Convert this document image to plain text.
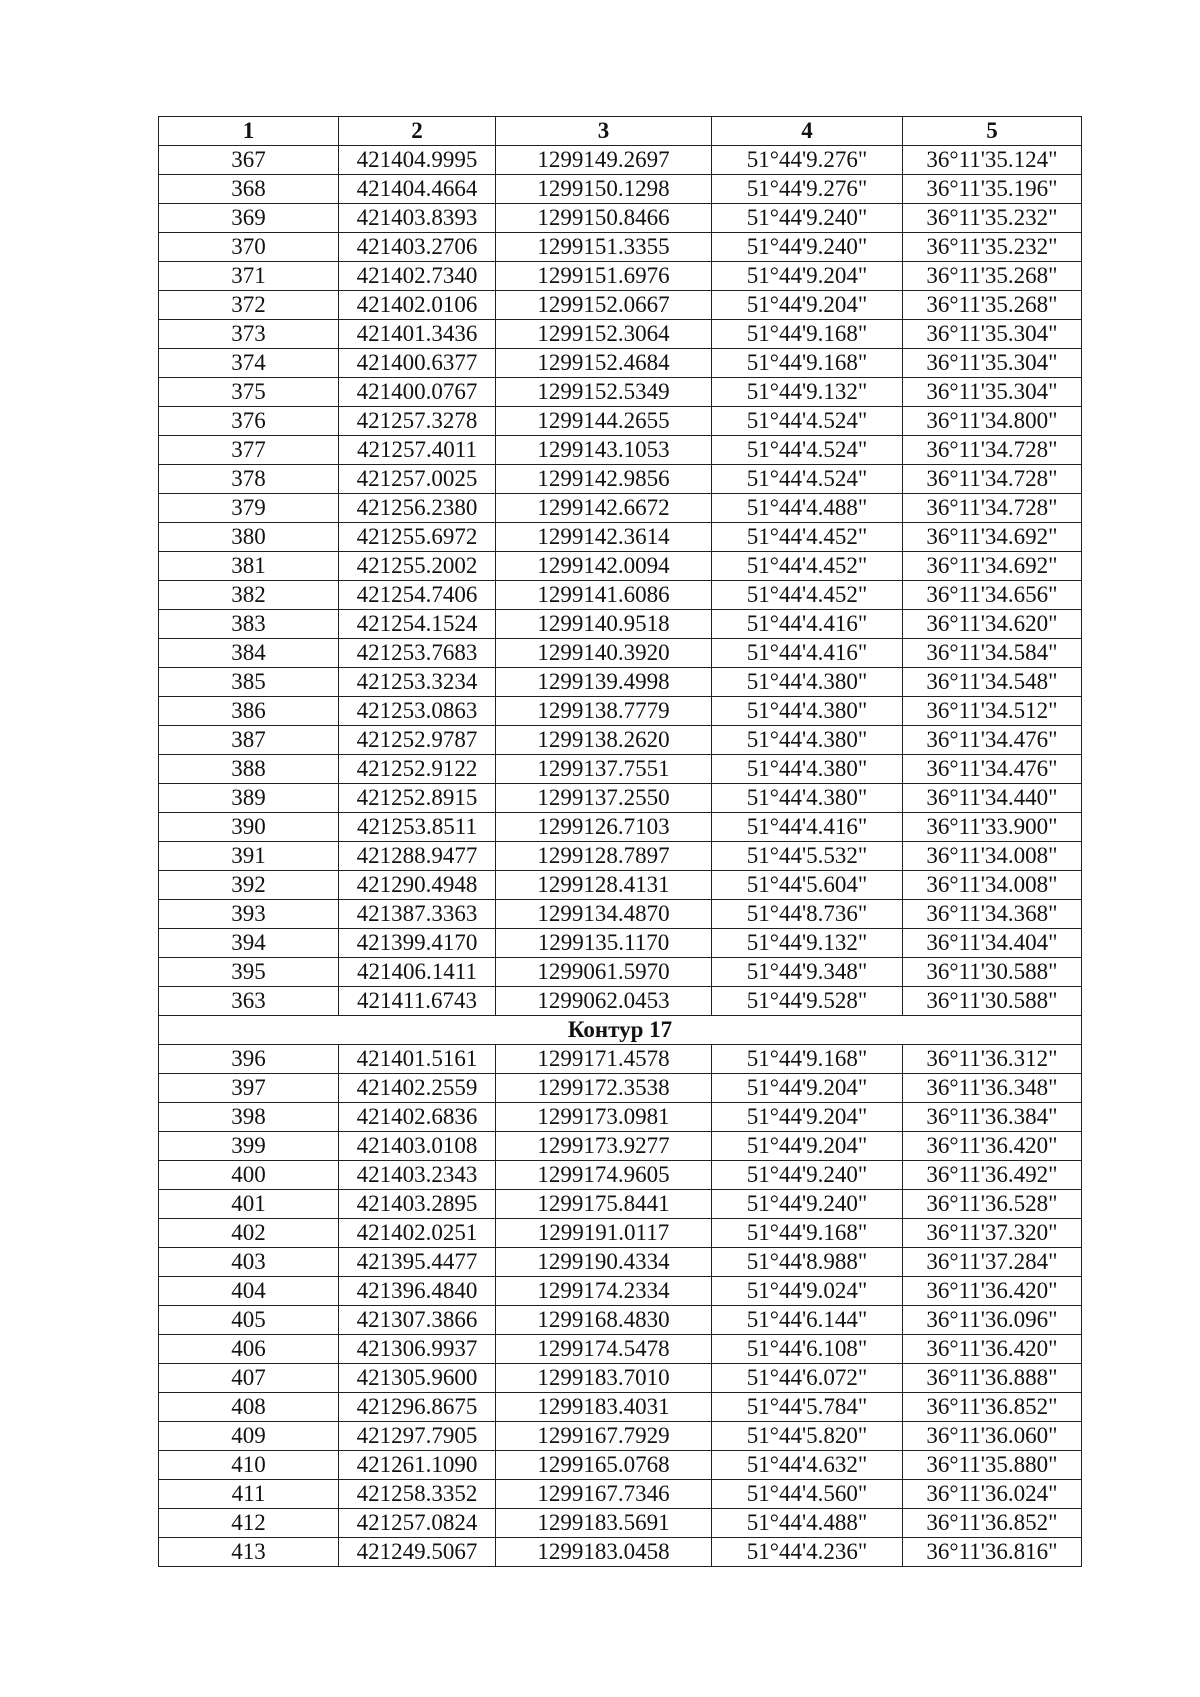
1	2	3	4	5
367	421404.9995	1299149.2697	51°44'9.276"	36°11'35.124"
368	421404.4664	1299150.1298	51°44'9.276"	36°11'35.196"
369	421403.8393	1299150.8466	51°44'9.240"	36°11'35.232"
370	421403.2706	1299151.3355	51°44'9.240"	36°11'35.232"
371	421402.7340	1299151.6976	51°44'9.204"	36°11'35.268"
372	421402.0106	1299152.0667	51°44'9.204"	36°11'35.268"
373	421401.3436	1299152.3064	51°44'9.168"	36°11'35.304"
374	421400.6377	1299152.4684	51°44'9.168"	36°11'35.304"
375	421400.0767	1299152.5349	51°44'9.132"	36°11'35.304"
376	421257.3278	1299144.2655	51°44'4.524"	36°11'34.800"
377	421257.4011	1299143.1053	51°44'4.524"	36°11'34.728"
378	421257.0025	1299142.9856	51°44'4.524"	36°11'34.728"
379	421256.2380	1299142.6672	51°44'4.488"	36°11'34.728"
380	421255.6972	1299142.3614	51°44'4.452"	36°11'34.692"
381	421255.2002	1299142.0094	51°44'4.452"	36°11'34.692"
382	421254.7406	1299141.6086	51°44'4.452"	36°11'34.656"
383	421254.1524	1299140.9518	51°44'4.416"	36°11'34.620"
384	421253.7683	1299140.3920	51°44'4.416"	36°11'34.584"
385	421253.3234	1299139.4998	51°44'4.380"	36°11'34.548"
386	421253.0863	1299138.7779	51°44'4.380"	36°11'34.512"
387	421252.9787	1299138.2620	51°44'4.380"	36°11'34.476"
388	421252.9122	1299137.7551	51°44'4.380"	36°11'34.476"
389	421252.8915	1299137.2550	51°44'4.380"	36°11'34.440"
390	421253.8511	1299126.7103	51°44'4.416"	36°11'33.900"
391	421288.9477	1299128.7897	51°44'5.532"	36°11'34.008"
392	421290.4948	1299128.4131	51°44'5.604"	36°11'34.008"
393	421387.3363	1299134.4870	51°44'8.736"	36°11'34.368"
394	421399.4170	1299135.1170	51°44'9.132"	36°11'34.404"
395	421406.1411	1299061.5970	51°44'9.348"	36°11'30.588"
363	421411.6743	1299062.0453	51°44'9.528"	36°11'30.588"
Контур 17				
396	421401.5161	1299171.4578	51°44'9.168"	36°11'36.312"
397	421402.2559	1299172.3538	51°44'9.204"	36°11'36.348"
398	421402.6836	1299173.0981	51°44'9.204"	36°11'36.384"
399	421403.0108	1299173.9277	51°44'9.204"	36°11'36.420"
400	421403.2343	1299174.9605	51°44'9.240"	36°11'36.492"
401	421403.2895	1299175.8441	51°44'9.240"	36°11'36.528"
402	421402.0251	1299191.0117	51°44'9.168"	36°11'37.320"
403	421395.4477	1299190.4334	51°44'8.988"	36°11'37.284"
404	421396.4840	1299174.2334	51°44'9.024"	36°11'36.420"
405	421307.3866	1299168.4830	51°44'6.144"	36°11'36.096"
406	421306.9937	1299174.5478	51°44'6.108"	36°11'36.420"
407	421305.9600	1299183.7010	51°44'6.072"	36°11'36.888"
408	421296.8675	1299183.4031	51°44'5.784"	36°11'36.852"
409	421297.7905	1299167.7929	51°44'5.820"	36°11'36.060"
410	421261.1090	1299165.0768	51°44'4.632"	36°11'35.880"
411	421258.3352	1299167.7346	51°44'4.560"	36°11'36.024"
412	421257.0824	1299183.5691	51°44'4.488"	36°11'36.852"
413	421249.5067	1299183.0458	51°44'4.236"	36°11'36.816"
